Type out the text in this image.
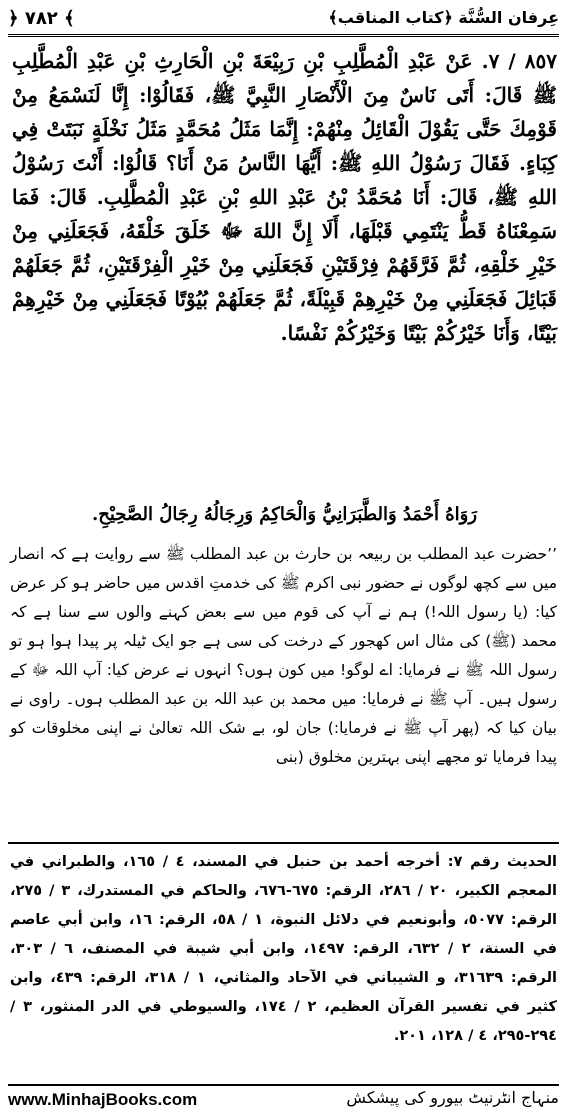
﴿ ٧٨٢ ﴾	عِرفان السُّنَّة ﴿کتاب المناقب﴾
٨٥٧ / ٧. عَنْ عَبْدِ الْمُطَّلِبِ بْنِ رَبِيْعَةَ بْنِ الْحَارِثِ بْنِ عَبْدِ الْمُطَّلِبِ ﷺ قَالَ: أَتَى نَاسٌ مِنَ الْأَنْصَارِ النَّبِيَّ ﷺ، فَقَالُوْا: إِنَّا لَنَسْمَعُ مِنْ قَوْمِكَ حَتَّى يَقُوْلَ الْقَائِلُ مِنْهُمْ: إِنَّمَا مَثَلُ مُحَمَّدٍ مَثَلُ نَخْلَةٍ نَبَتَتْ فِي كِبَاءٍ. فَقَالَ رَسُوْلُ اللهِ ﷺ: أَيُّهَا النَّاسُ مَنْ أَنَا؟ قَالُوْا: أَنْتَ رَسُوْلُ اللهِ ﷺ، قَالَ: أَنَا مُحَمَّدُ بْنُ عَبْدِ اللهِ بْنِ عَبْدِ الْمُطَّلِبِ. قَالَ: فَمَا سَمِعْنَاهُ قَطُّ يَنْتَمِي قَبْلَهَا، أَلَا إِنَّ اللهَ ﷻ خَلَقَ خَلْقَهُ، فَجَعَلَنِي مِنْ خَيْرِ خَلْقِهِ، ثُمَّ فَرَّقَهُمْ فِرْقَتَيْنِ فَجَعَلَنِي مِنْ خَيْرِ الْفِرْقَتَيْنِ، ثُمَّ جَعَلَهُمْ قَبَائِلَ فَجَعَلَنِي مِنْ خَيْرِهِمْ قَبِيْلَةً، ثُمَّ جَعَلَهُمْ بُيُوْتًا فَجَعَلَنِي مِنْ خَيْرِهِمْ بَيْتًا، وَأَنَا خَيْرُكُمْ بَيْتًا وَخَيْرُكُمْ نَفْسًا.
رَوَاهُ أَحْمَدُ وَالطَّبَرَانِيُّ وَالْحَاكِمُ وَرِجَالُهُ رِجَالُ الصَّحِيْحِ.
’’حضرت عبد المطلب بن ربیعہ بن حارث بن عبد المطلب ﷺ سے روایت ہے کہ انصار میں سے کچھ لوگوں نے حضور نبی اکرم ﷺ کی خدمتِ اقدس میں حاضر ہو کر عرض کیا: (یا رسول اللہ!) ہم نے آپ کی قوم میں سے بعض کہنے والوں سے سنا ہے کہ محمد (ﷺ) کی مثال اس کھجور کے درخت کی سی ہے جو ایک ٹیلہ پر پیدا ہوا ہو تو رسول اللہ ﷺ نے فرمایا: اے لوگو! میں کون ہوں؟ انہوں نے عرض کیا: آپ اللہ ﷻ کے رسول ہیں۔ آپ ﷺ نے فرمایا: میں محمد بن عبد اللہ بن عبد المطلب ہوں۔ راوی نے بیان کیا کہ (پھر آپ ﷺ نے فرمایا:) جان لو، بے شک اللہ تعالیٰ نے اپنی مخلوقات کو پیدا فرمایا تو مجھے اپنی بہترین مخلوق (بنی
الحديث رقم ٧: أخرجه أحمد بن حنبل في المسند، ٤ / ١٦٥، والطبراني في المعجم الكبير، ٢٠ / ٢٨٦، الرقم: ٦٧٥-٦٧٦، والحاكم في المستدرك، ٣ / ٢٧٥، الرقم: ٥٠٧٧، وأبونعيم في دلائل النبوة، ١ / ٥٨، الرقم: ١٦، وابن أبي عاصم في السنة، ٢ / ٦٣٢، الرقم: ١٤٩٧، وابن أبي شيبة في المصنف، ٦ / ٣٠٣، الرقم: ٣١٦٣٩، و الشيباني في الآحاد والمثاني، ١ / ٣١٨، الرقم: ٤٣٩، وابن كثير في تفسير القرآن العظيم، ٢ / ١٧٤، والسيوطي في الدر المنثور، ٣ / ٢٩٤-٢٩٥، ٤ / ١٢٨، ٢٠١.
www.MinhajBooks.com	منہاج انٹرنیٹ بیورو کی پیشکش
